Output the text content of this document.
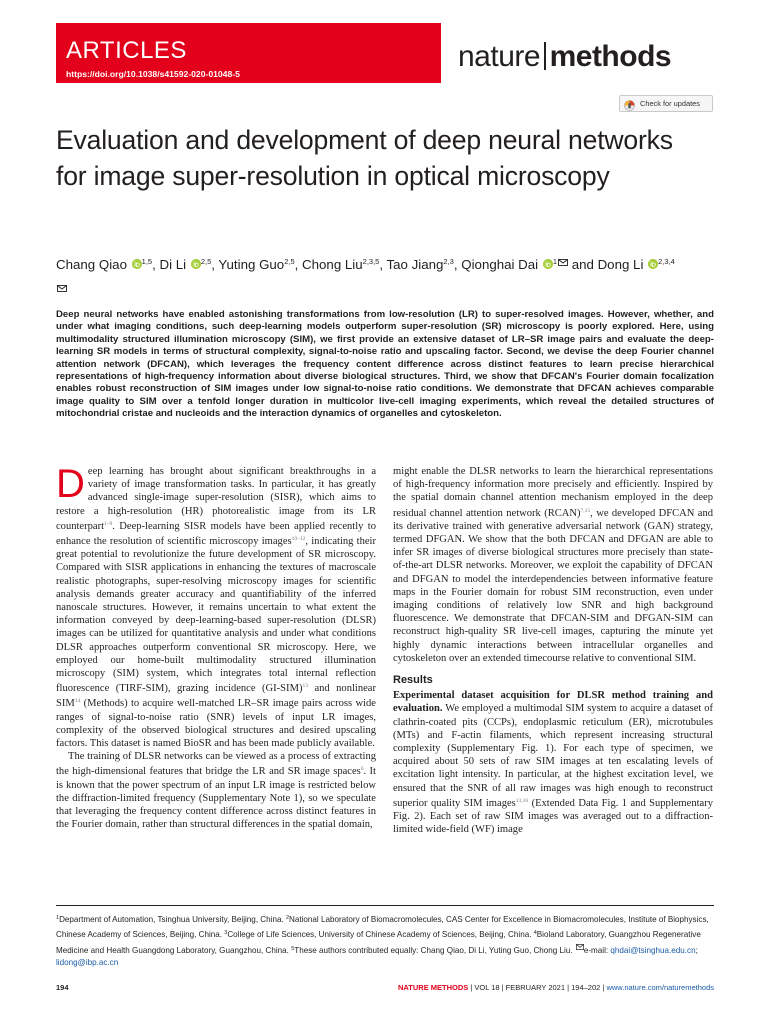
ARTICLES
https://doi.org/10.1038/s41592-020-01048-5
nature methods
Check for updates
Evaluation and development of deep neural networks for image super-resolution in optical microscopy
Chang Qiao $^{1,5}$, Di Li $^{2,5}$, Yuting Guo$^{2,5}$, Chong Liu$^{2,3,5}$, Tao Jiang$^{2,3}$, Qionghai Dai $^1$ and Dong Li $^{2,3,4}$
Deep neural networks have enabled astonishing transformations from low-resolution (LR) to super-resolved images. However, whether, and under what imaging conditions, such deep-learning models outperform super-resolution (SR) microscopy is poorly explored. Here, using multimodality structured illumination microscopy (SIM), we first provide an extensive dataset of LR–SR image pairs and evaluate the deep-learning SR models in terms of structural complexity, signal-to-noise ratio and upscaling factor. Second, we devise the deep Fourier channel attention network (DFCAN), which leverages the frequency content difference across distinct features to learn precise hierarchical representations of high-frequency information about diverse biological structures. Third, we show that DFCAN's Fourier domain focalization enables robust reconstruction of SIM images under low signal-to-noise ratio conditions. We demonstrate that DFCAN achieves comparable image quality to SIM over a tenfold longer duration in multicolor live-cell imaging experiments, which reveal the detailed structures of mitochondrial cristae and nucleoids and the interaction dynamics of organelles and cytoskeleton.

Deep learning has brought about significant breakthroughs in a variety of image transformation tasks. In particular, it has greatly advanced single-image super-resolution (SISR), which aims to restore a high-resolution (HR) photorealistic image from its LR counterpart$^{1-9}$. Deep-learning SISR models have been applied recently to enhance the resolution of scientific microscopy images$^{10-12}$, indicating their great potential to revolutionize the future development of SR microscopy. Compared with SISR applications in enhancing the textures of macroscale realistic photographs, super-resolving microscopy images for scientific analysis demands greater accuracy and quantifiability of the inferred nanoscale structures. However, it remains uncertain to what extent the information conveyed by deep-learning-based super-resolution (DLSR) images can be utilized for quantitative analysis and under what conditions DLSR approaches outperform conventional SR microscopy. Here, we employed our home-built multimodality structured illumination microscopy (SIM) system, which integrates total internal reflection fluorescence (TIRF-SIM), grazing incidence $(GI-SIM)^{13}$ and nonlinear SIM$^{14}$ (Methods) to acquire well-matched LR–SR image pairs across wide ranges of signal-to-noise ratio (SNR) levels of input LR images, complexity of the observed biological structures and desired upscaling factors. This dataset is named BioSR and has been made publicly available.

The training of DLSR networks can be viewed as a process of extracting the high-dimensional features that bridge the LR and SR image spaces$^6$. It is known that the power spectrum of an input LR image is restricted below the diffraction-limited frequency (Supplementary Note 1), so we speculate that leveraging the frequency content difference across distinct features in the Fourier domain, rather than structural differences in the spatial domain,

might enable the DLSR networks to learn the hierarchical representations of high-frequency information more precisely and efficiently. Inspired by the spatial domain channel attention mechanism employed in the deep residual channel attention network (RCAN)$^{7,15}$, we developed DFCAN and its derivative trained with generative adversarial network (GAN) strategy, termed DFGAN. We show that the both DFCAN and DFGAN are able to infer SR images of diverse biological structures more precisely than state-of-the-art DLSR networks. Moreover, we exploit the capability of DFCAN and DFGAN to model the interdependencies between informative feature maps in the Fourier domain for robust SIM reconstruction, even under imaging conditions of relatively low SNR and high background fluorescence. We demonstrate that DFCAN-SIM and DFGAN-SIM can reconstruct high-quality SR live-cell images, capturing the minute yet highly dynamic interactions between intracellular organelles and cytoskeleton over an extended timecourse relative to conventional SIM.

Results

Experimental dataset acquisition for DLSR method training and evaluation. We employed a multimodal SIM system to acquire a dataset of clathrin-coated pits (CCPs), endoplasmic reticulum (ER), microtubules (MTs) and F-actin filaments, which represent increasing structural complexity (Supplementary Fig. 1). For each type of specimen, we acquired about 50 sets of raw SIM images at ten escalating levels of excitation light intensity. In particular, at the highest excitation level, we ensured that the SNR of all raw images was high enough to reconstruct superior quality SIM images$^{13,16}$ (Extended Data Fig. 1 and Supplementary Fig. 2). Each set of raw SIM images was averaged out to a diffraction-limited wide-field (WF) image

$^1$Department of Automation, Tsinghua University, Beijing, China. $^2$National Laboratory of Biomacromolecules, CAS Center for Excellence in Biomacromolecules, Institute of Biophysics, Chinese Academy of Sciences, Beijing, China. $^3$College of Life Sciences, University of Chinese Academy of Sciences, Beijing, China. $^4$Bioland Laboratory, Guangzhou Regenerative Medicine and Health Guangdong Laboratory, Guangzhou, China. $^5$These authors contributed equally: Chang Qiao, Di Li, Yuting Guo, Chong Liu. e-mail: qhdai@tsinghua.edu.cn; lidong@ibp.ac.cn
194	NATURE METHODS | VOL 18 | FEBRUARY 2021 | 194–202 | www.nature.com/naturemethods
